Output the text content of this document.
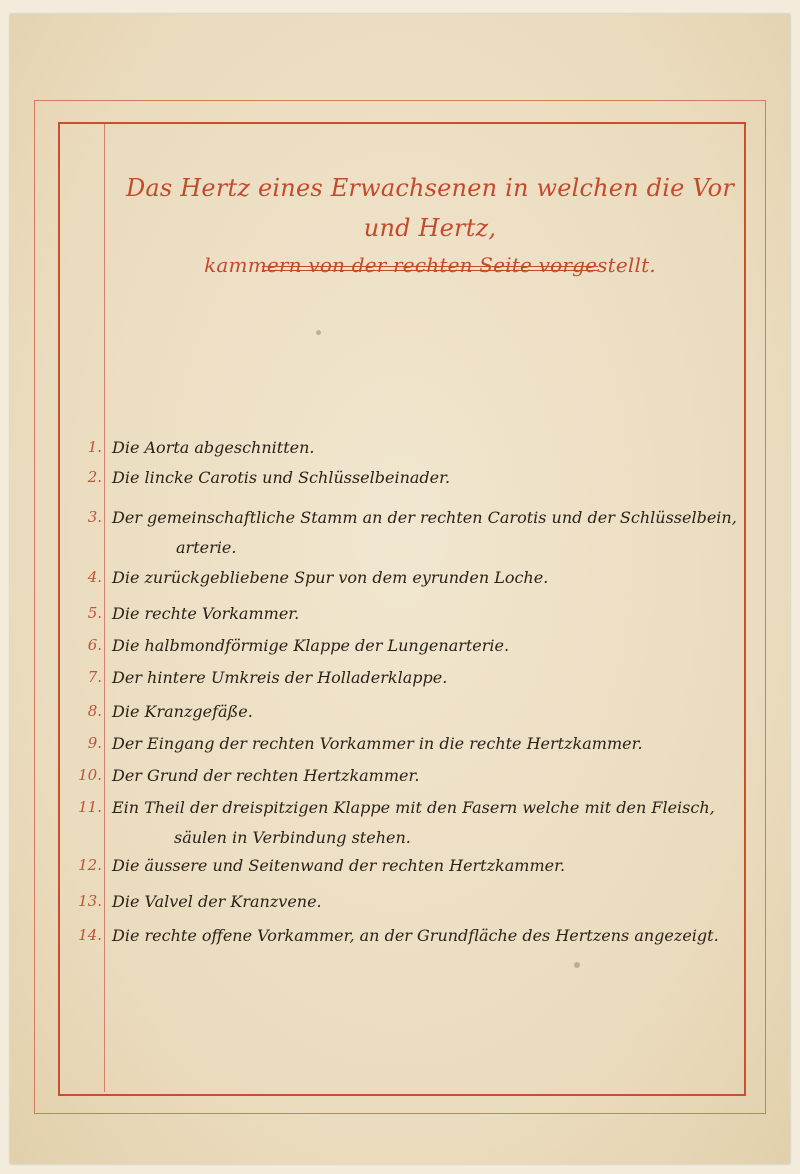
Das Hertz eines Erwachsenen in welchen die Vor und Hertz,
kammern von der rechten Seite vorgestellt.
1. Die Aorta abgeschnitten.
2. Die lincke Carotis und Schlüsselbeinader.
3. Der gemeinschaftliche Stamm an der rechten Carotis und der Schlüsselbein,
arterie.
4. Die zurückgebliebene Spur von dem eyrunden Loche.
5. Die rechte Vorkammer.
6. Die halbmondförmige Klappe der Lungenarterie.
7. Der hintere Umkreis der Holladerklappe.
8. Die Kranzgefäße.
9. Der Eingang der rechten Vorkammer in die rechte Hertzkammer.
10. Der Grund der rechten Hertzkammer.
11. Ein Theil der dreispitzigen Klappe mit den Fasern welche mit den Fleisch,
säulen in Verbindung stehen.
12. Die äussere und Seitenwand der rechten Hertzkammer.
13. Die Valvel der Kranzvene.
14. Die rechte offene Vorkammer, an der Grundfläche des Hertzens angezeigt.
